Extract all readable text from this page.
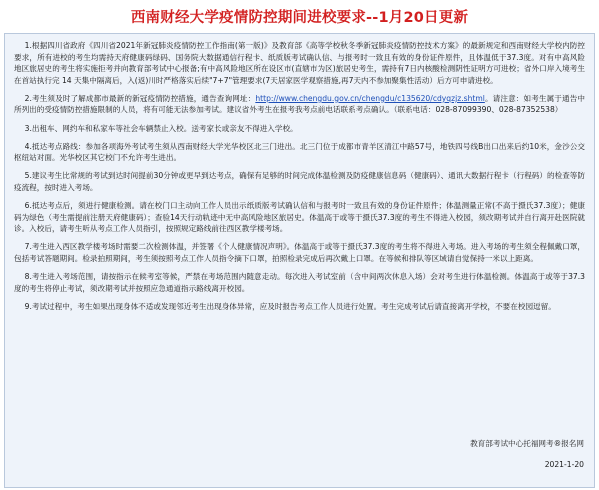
西南财经大学疫情防控期间进校要求--1月20日更新

1.根据四川省政府《四川省2021年新冠肺炎疫情防控工作指南(第一版)》及教育部《高等学校秋冬季新冠肺炎疫情防控技术方案》的最新规定和西南财经大学校内防控要求，所有进校的考生均需持天府健康码绿码、国务院大数据通信行程卡、纸质版考试确认信、与报考时一致且有效的身份证件原件，且体温低于37.3度。对有中高风险地区旅居史的考生将实施拒考并向教育部考试中心报备;有中高风险地区所在设区市(直辖市为区)旅居史考生，需持有7日内核酸检测阴性证明方可进校；省外口岸入境考生在首站执行完 14 天集中隔离后，入(返)川时严格落实后续"7+7"管理要求(7天居家医学观察措施,再7天内不参加聚集性活动）后方可申请进校。

2.考生须及时了解成都市最新的新冠疫情防控措施，通告查询网址：http://www.chengdu.gov.cn/chengdu/c135620/cdyqzjz.shtml。请注意：如考生属于通告中所列出的受疫情防控措施限制的人员，将有可能无法参加考试。建议省外考生在报考我考点前电话联系考点确认。（联系电话：028-87099390、028-87352538）

3.出租车、网约车和私家车等社会车辆禁止入校。送考家长或亲友不得进入学校。

4.抵达考点路线：参加各项海外考试考生须从西南财经大学光华校区北三门进出。北三门位于成都市青羊区清江中路57号，地铁四号线B出口出来后约10米，金沙公交枢纽站对面。光华校区其它校门不允许考生进出。

5.建议考生比常规的考试到达时间提前30分钟或更早到达考点，确保有足够的时间完成体温检测及防疫健康信息码（健康码）、通讯大数据行程卡（行程码）的检查等防疫流程，按时进入考场。

6.抵达考点后，须进行健康检测。请在校门口主动向工作人员出示纸质版考试确认信和与报考时一致且有效的身份证件原件；体温测量正常(不高于摄氏37.3度）；健康码为绿色（考生需提前注册天府健康码）；查验14天行动轨迹中无中高风险地区旅居史。体温高于或等于摄氏37.3度的考生不得进入校园，须改期考试并自行离开赴医院就诊。入校后，请考生听从考点工作人员指引，按照规定路线前往西区教学楼考场。

7.考生进入西区教学楼考场时需要二次检测体温，并签署《个人健康情况声明》。体温高于或等于摄氏37.3度的考生将不得进入考场。进入考场的考生须全程佩戴口罩，包括考试答题期间。检录拍照期间，考生须按照考点工作人员指令摘下口罩，拍照检录完成后再次戴上口罩。在等候和排队等区域请自觉保持一米以上距离。

8.考生进入考场范围，请按指示在候考室等候，严禁在考场范围内随意走动。每次进入考试室前（含中间两次休息入场）会对考生进行体温检测。体温高于或等于37.3度的考生将停止考试，须改期考试并按照应急通道指示路线离开校园。

9.考试过程中，考生如果出现身体不适或发现邻近考生出现身体异常，应及时报告考点工作人员进行处置。考生完成考试后请直接离开学校，不要在校园逗留。

教育部考试中心托福网考®报名网
2021-1-20
